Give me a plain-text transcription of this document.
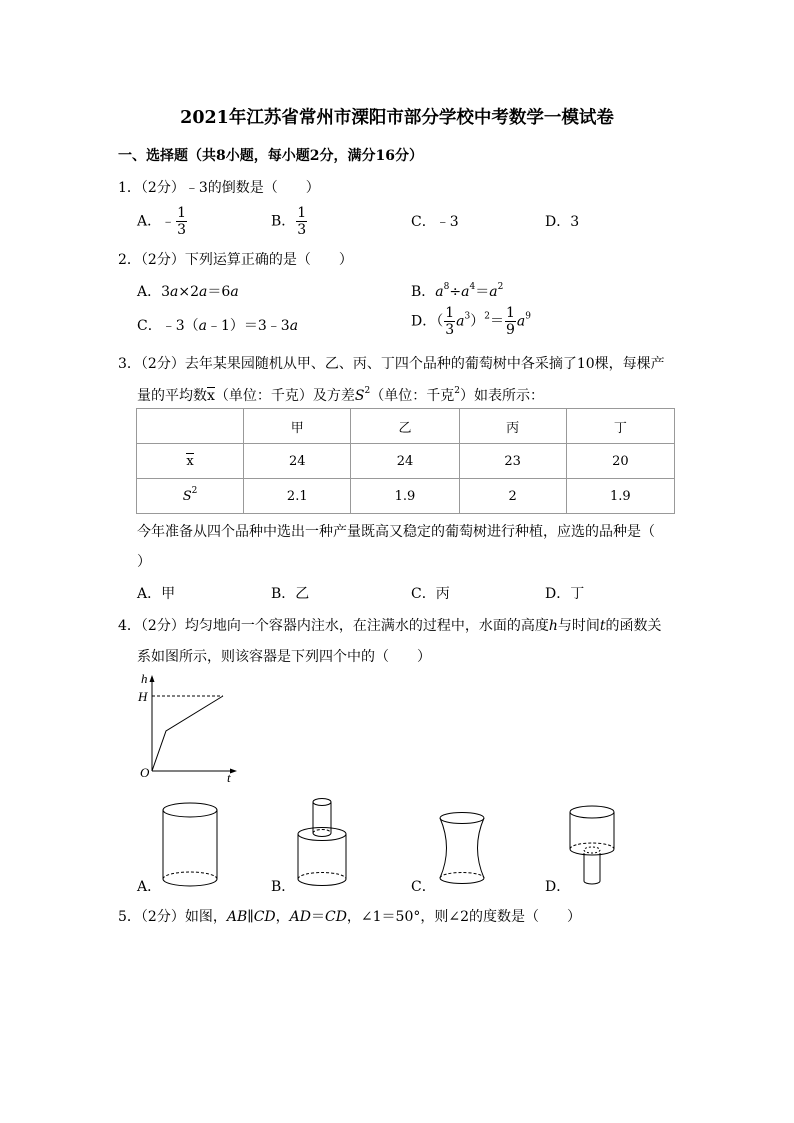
2021年江苏省常州市溧阳市部分学校中考数学一模试卷
一、选择题（共8小题，每小题2分，满分16分）
1．（2分）﹣3的倒数是（　　）
A．﹣ $\frac{1}{3}$	B． $\frac{1}{3}$	C．﹣3	D．3
2．（2分）下列运算正确的是（　　）
A．3a×2a＝6a	B．$a^8\div a^4=a^2$
C．﹣3（a﹣1）＝3﹣3a	D．（ $\frac{1}{3} a^3)^2= \frac{1}{9} a^9$
3．（2分）去年某果园随机从甲、乙、丙、丁四个品种的葡萄树中各采摘了10棵，每棵产
量的平均数x（单位：千克）及方差$S^2$（单位：千克$^2$）如表所示：
	甲	乙	丙	丁
x	24	24	23	20
$S^2$	2.1	1.9	2	1.9
今年准备从四个品种中选出一种产量既高又稳定的葡萄树进行种植，应选的品种是（
）
A．甲	B．乙	C．丙	D．丁
4．（2分）均匀地向一个容器内注水，在注满水的过程中，水面的高度h与时间t的函数关
系如图所示，则该容器是下列四个中的（　　）
h
H
O	t
A．	B．	C．	D．
5．（2分）如图，AB∥CD，AD＝CD，∠1＝50°，则∠2的度数是（　　）
